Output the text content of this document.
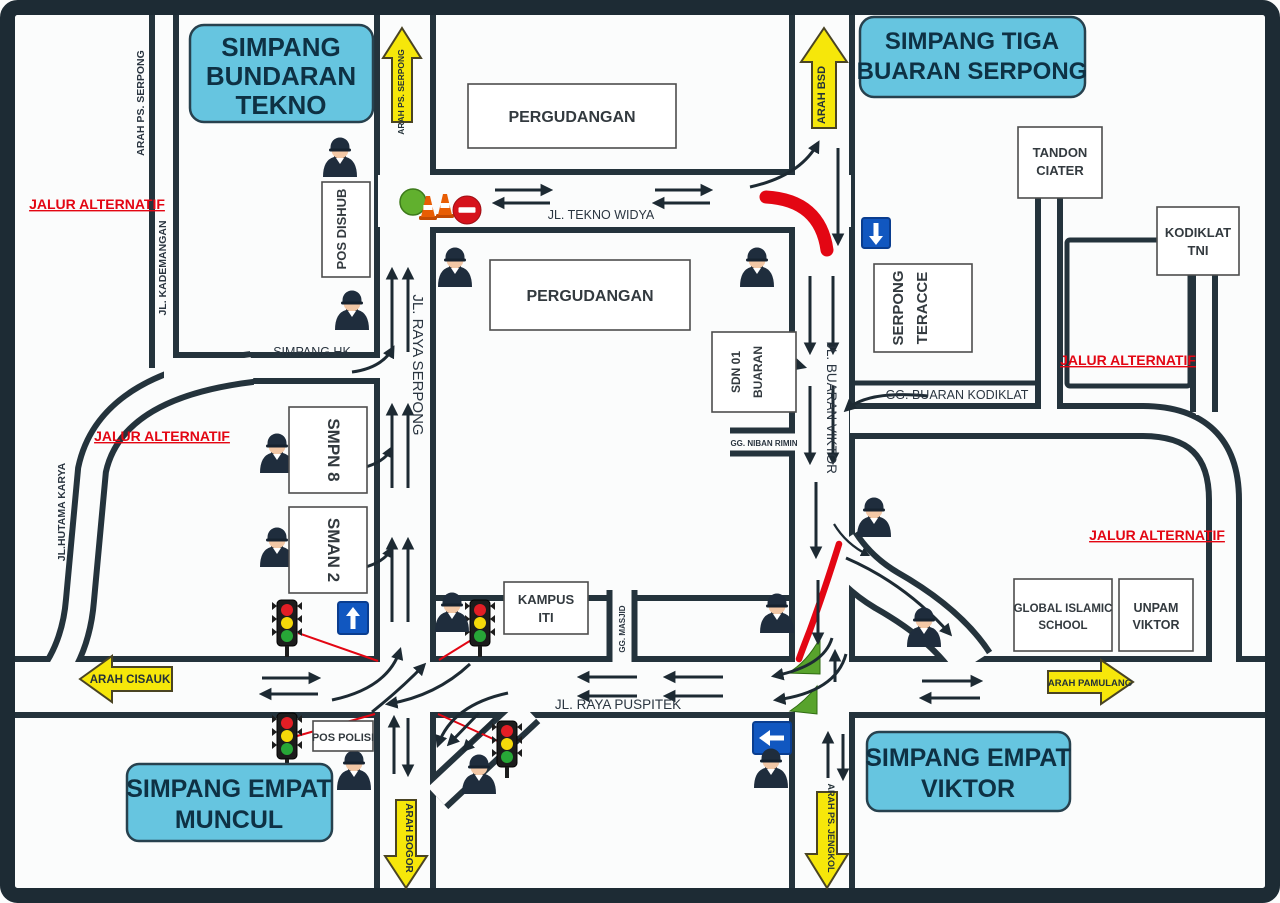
ARAH PS. SERPONG	ARAH BSD
ARAH CISAUK	ARAH PAMULANG
ARAH BOGOR	ARAH PS. JENGKOL
PERGUDANGAN
PERGUDANGAN
POS DISHUB
TANDON
CIATER
KODIKLAT
TNI
SERPONG TERACCE
SDN 01 BUARAN
SMPN 8
SMAN 2
KAMPUS
ITI
POS POLISI
GLOBAL ISLAMIC
SCHOOL
UNPAM
VIKTOR
JL. TEKNO WIDYA
JL. RAYA SERPONG	JL. BUARAN VIKTOR
JL. RAYA PUSPITEK
SIMPANG HK
GG. BUARAN KODIKLAT
GG. NIBAN RIMIN
GG. MASJID
ARAH PS. SERPONG
JL. KADEMANGAN
JL.HUTAMA KARYA
JALUR ALTERNATIF
JALUR ALTERNATIF
JALUR ALTERNATIF
JALUR ALTERNATIF
SIMPANG
BUNDARAN
TEKNO
SIMPANG TIGA
BUARAN SERPONG
SIMPANG EMPAT
MUNCUL
SIMPANG EMPAT
VIKTOR
